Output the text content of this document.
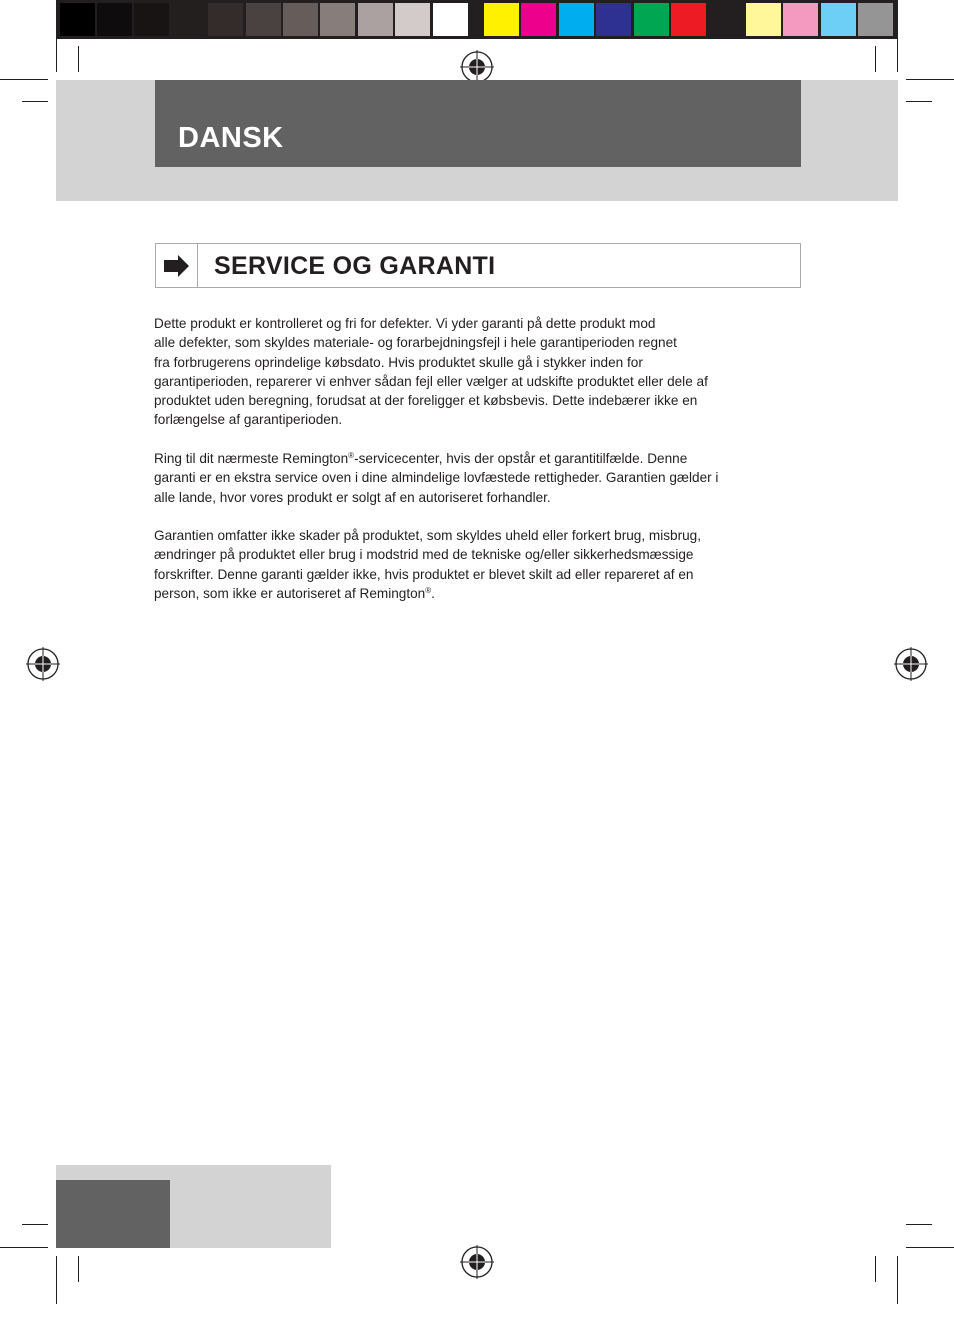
DANSK
SERVICE OG GARANTI
Dette produkt er kontrolleret og fri for defekter. Vi yder garanti på dette produkt mod
alle defekter, som skyldes materiale- og forarbejdningsfejl i hele garantiperioden regnet
fra forbrugerens oprindelige købsdato. Hvis produktet skulle gå i stykker inden for
garantiperioden, reparerer vi enhver sådan fejl eller vælger at udskifte produktet eller dele af
produktet uden beregning, forudsat at der foreligger et købsbevis. Dette indebærer ikke en
forlængelse af garantiperioden.
Ring til dit nærmeste Remington®-servicecenter, hvis der opstår et garantitilfælde. Denne
garanti er en ekstra service oven i dine almindelige lovfæstede rettigheder. Garantien gælder i
alle lande, hvor vores produkt er solgt af en autoriseret forhandler.
Garantien omfatter ikke skader på produktet, som skyldes uheld eller forkert brug, misbrug,
ændringer på produktet eller brug i modstrid med de tekniske og/eller sikkerhedsmæssige
forskrifter. Denne garanti gælder ikke, hvis produktet er blevet skilt ad eller repareret af en
person, som ikke er autoriseret af Remington®.
